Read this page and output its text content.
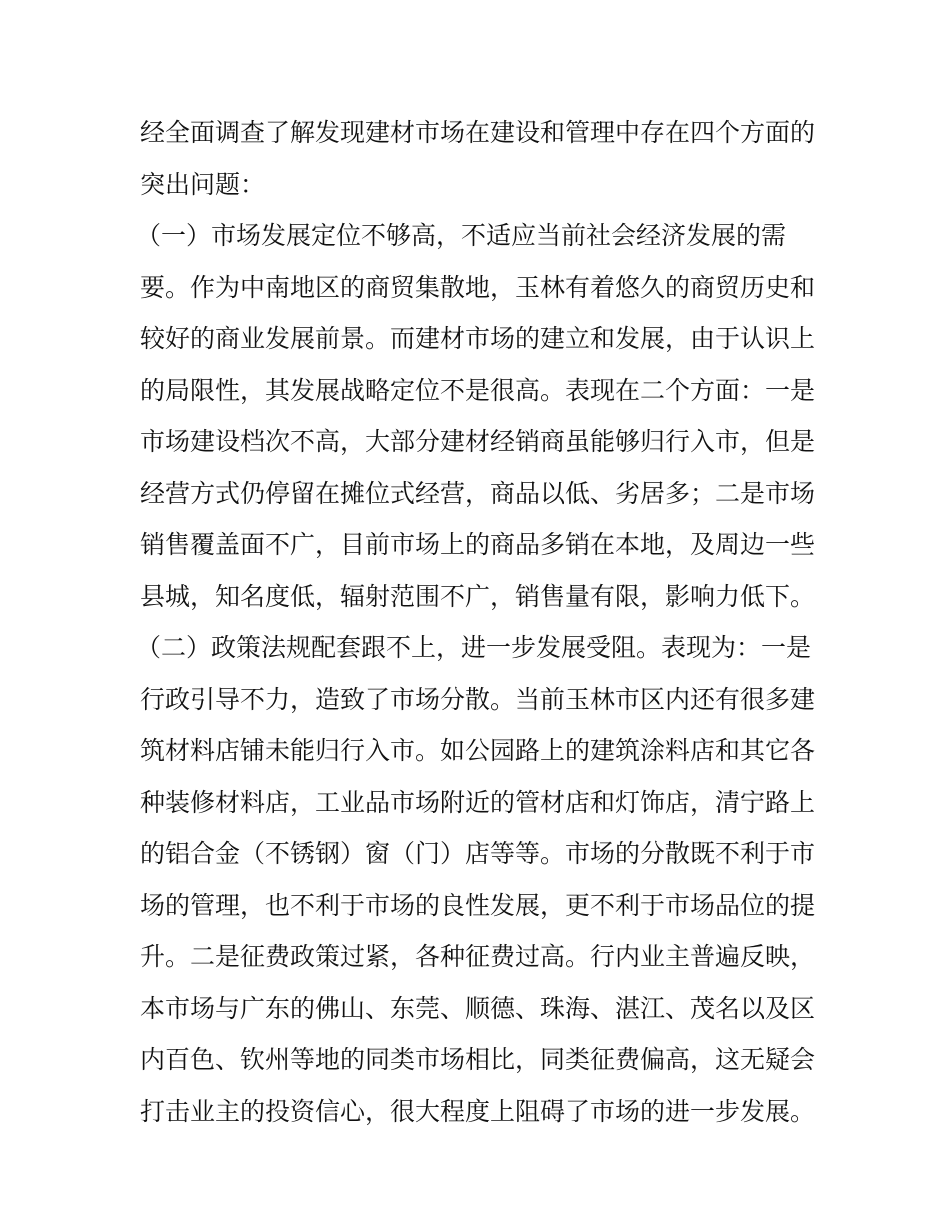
经全面调查了解发现建材市场在建设和管理中存在四个方面的
突出问题：
（一）市场发展定位不够高，不适应当前社会经济发展的需
要。作为中南地区的商贸集散地，玉林有着悠久的商贸历史和
较好的商业发展前景。而建材市场的建立和发展，由于认识上
的局限性，其发展战略定位不是很高。表现在二个方面：一是
市场建设档次不高，大部分建材经销商虽能够归行入市，但是
经营方式仍停留在摊位式经营，商品以低、劣居多；二是市场
销售覆盖面不广，目前市场上的商品多销在本地，及周边一些
县城，知名度低，辐射范围不广，销售量有限，影响力低下。
（二）政策法规配套跟不上，进一步发展受阻。表现为：一是
行政引导不力，造致了市场分散。当前玉林市区内还有很多建
筑材料店铺未能归行入市。如公园路上的建筑涂料店和其它各
种装修材料店，工业品市场附近的管材店和灯饰店，清宁路上
的铝合金（不锈钢）窗（门）店等等。市场的分散既不利于市
场的管理，也不利于市场的良性发展，更不利于市场品位的提
升。二是征费政策过紧，各种征费过高。行内业主普遍反映，
本市场与广东的佛山、东莞、顺德、珠海、湛江、茂名以及区
内百色、钦州等地的同类市场相比，同类征费偏高，这无疑会
打击业主的投资信心，很大程度上阻碍了市场的进一步发展。
